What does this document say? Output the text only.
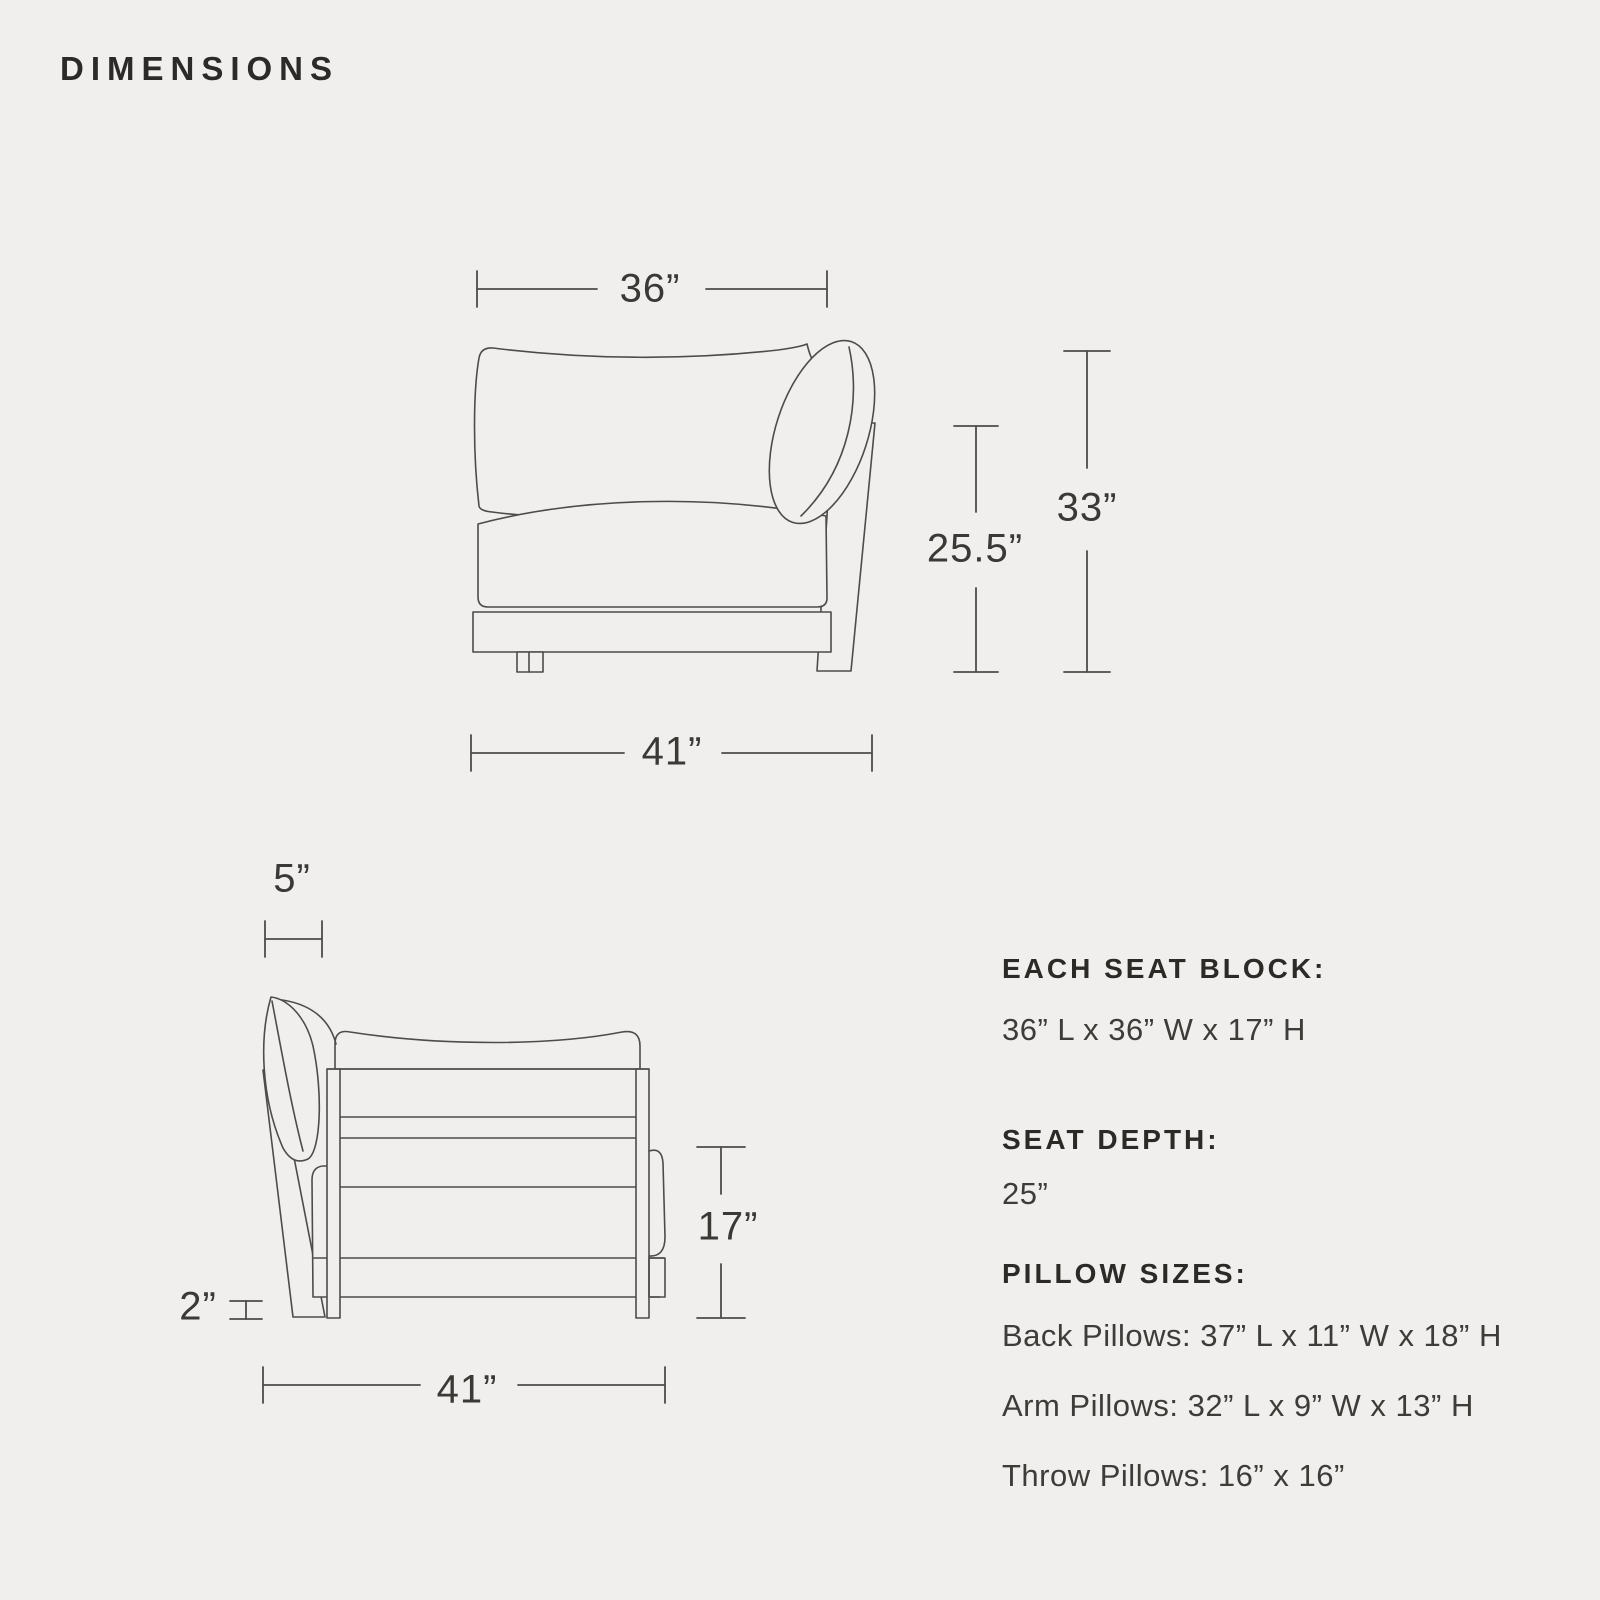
DIMENSIONS
36”
25.5”
33”
41”
5”
2”
17”
41”
EACH SEAT BLOCK:
36” L x 36” W x 17” H
SEAT DEPTH:
25”
PILLOW SIZES:
Back Pillows: 37” L x 11” W x 18” H
Arm Pillows: 32” L x 9” W x 13” H
Throw Pillows: 16” x 16”
